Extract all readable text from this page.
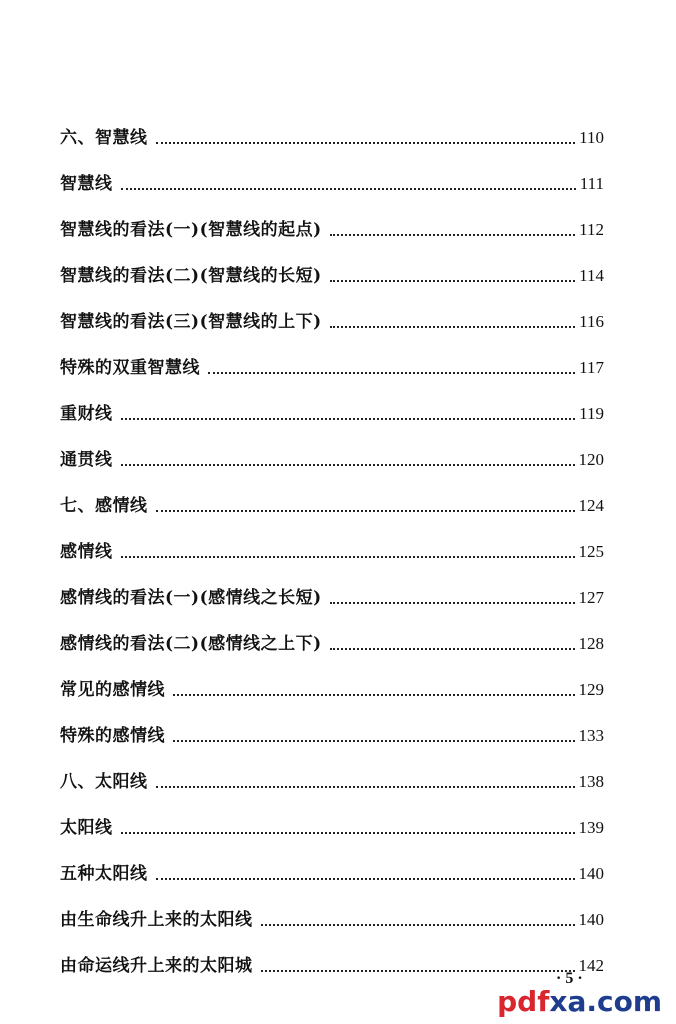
六、智慧线	110
智慧线	111
智慧线的看法(一)(智慧线的起点)	112
智慧线的看法(二)(智慧线的长短)	114
智慧线的看法(三)(智慧线的上下)	116
特殊的双重智慧线	117
重财线	119
通贯线	120
七、感情线	124
感情线	125
感情线的看法(一)(感情线之长短)	127
感情线的看法(二)(感情线之上下)	128
常见的感情线	129
特殊的感情线	133
八、太阳线	138
太阳线	139
五种太阳线	140
由生命线升上来的太阳线	140
由命运线升上来的太阳城	142
· 5 ·
pdfxa.com
